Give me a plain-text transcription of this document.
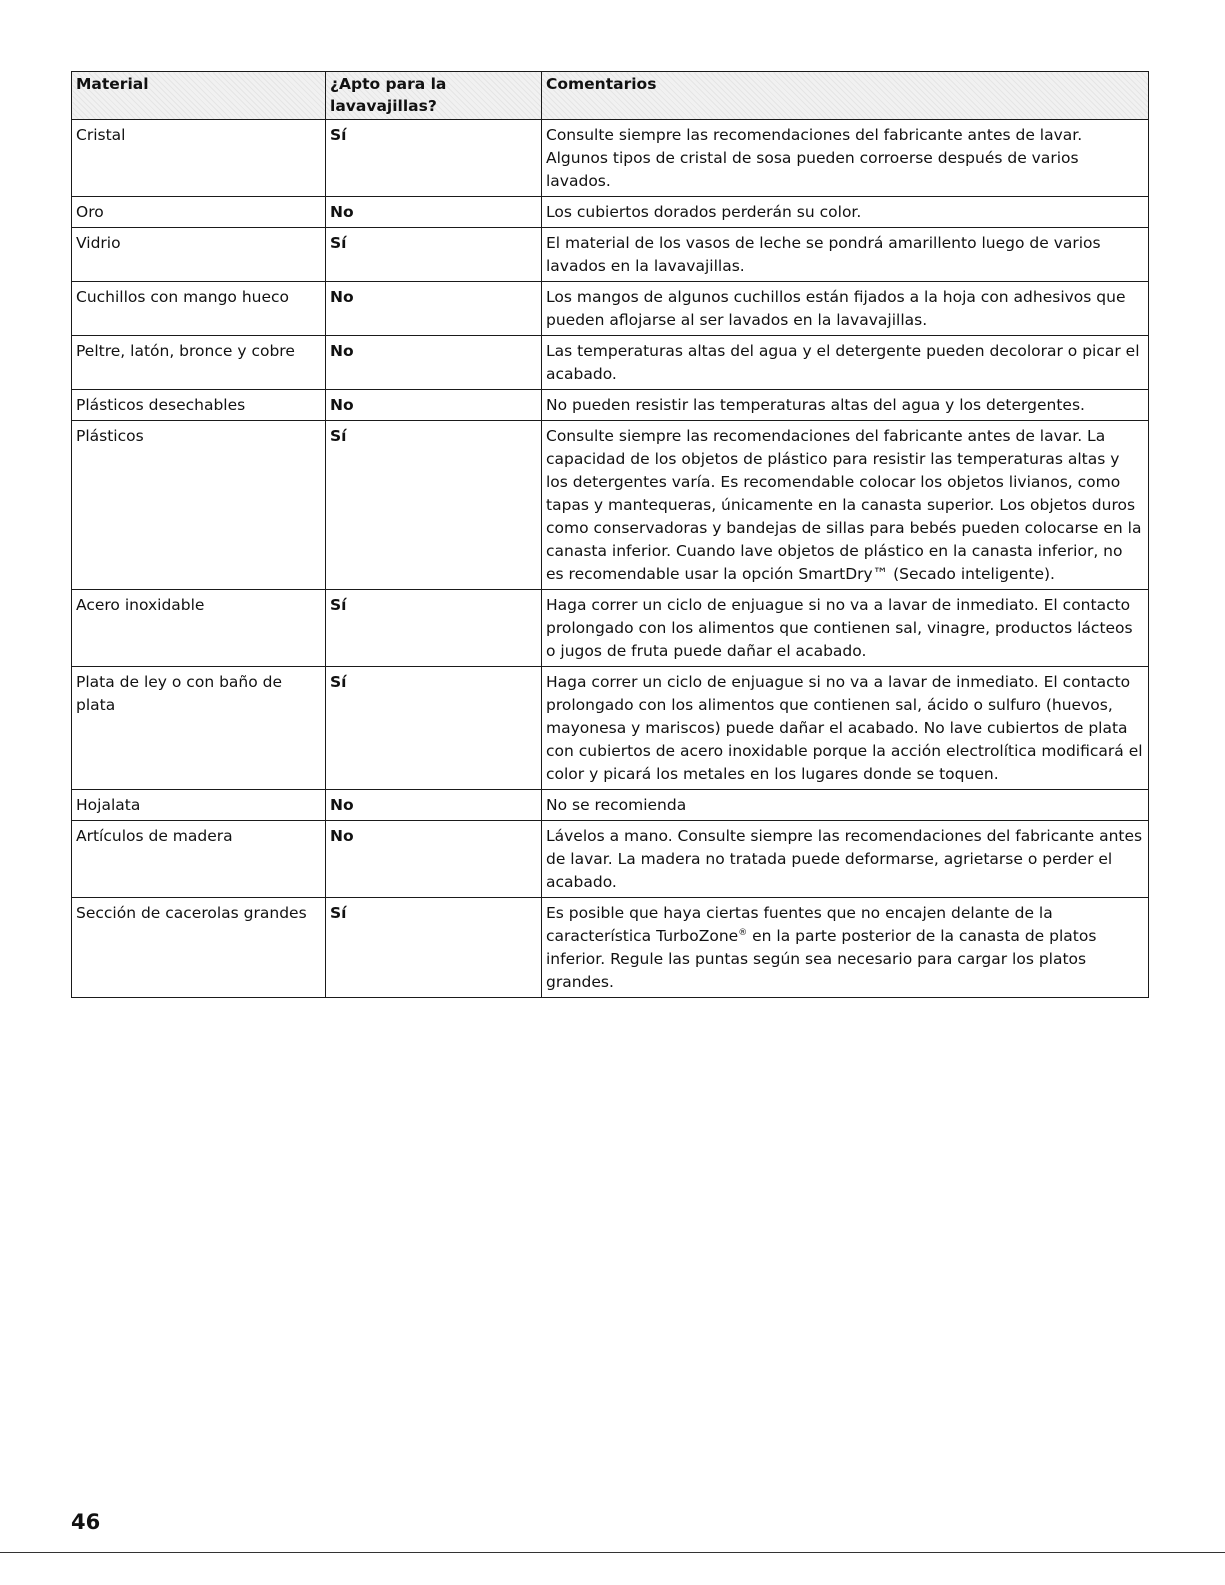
Material	¿Apto para la lavavajillas?	Comentarios
Cristal	Sí	Consulte siempre las recomendaciones del fabricante antes de lavar. Algunos tipos de cristal de sosa pueden corroerse después de varios lavados.
Oro	No	Los cubiertos dorados perderán su color.
Vidrio	Sí	El material de los vasos de leche se pondrá amarillento luego de varios lavados en la lavavajillas.
Cuchillos con mango hueco	No	Los mangos de algunos cuchillos están fijados a la hoja con adhesivos que pueden aflojarse al ser lavados en la lavavajillas.
Peltre, latón, bronce y cobre	No	Las temperaturas altas del agua y el detergente pueden decolorar o picar el acabado.
Plásticos desechables	No	No pueden resistir las temperaturas altas del agua y los detergentes.
Plásticos	Sí	Consulte siempre las recomendaciones del fabricante antes de lavar. La capacidad de los objetos de plástico para resistir las temperaturas altas y los detergentes varía. Es recomendable colocar los objetos livianos, como tapas y mantequeras, únicamente en la canasta superior. Los objetos duros como conservadoras y bandejas de sillas para bebés pueden colocarse en la canasta inferior. Cuando lave objetos de plástico en la canasta inferior, no es recomendable usar la opción SmartDry™ (Secado inteligente).
Acero inoxidable	Sí	Haga correr un ciclo de enjuague si no va a lavar de inmediato. El contacto prolongado con los alimentos que contienen sal, vinagre, productos lácteos o jugos de fruta puede dañar el acabado.
Plata de ley o con baño de plata	Sí	Haga correr un ciclo de enjuague si no va a lavar de inmediato. El contacto prolongado con los alimentos que contienen sal, ácido o sulfuro (huevos, mayonesa y mariscos) puede dañar el acabado. No lave cubiertos de plata con cubiertos de acero inoxidable porque la acción electrolítica modificará el color y picará los metales en los lugares donde se toquen.
Hojalata	No	No se recomienda
Artículos de madera	No	Lávelos a mano. Consulte siempre las recomendaciones del fabricante antes de lavar. La madera no tratada puede deformarse, agrietarse o perder el acabado.
Sección de cacerolas grandes	Sí	Es posible que haya ciertas fuentes que no encajen delante de la característica TurboZone® en la parte posterior de la canasta de platos inferior. Regule las puntas según sea necesario para cargar los platos grandes.
46
